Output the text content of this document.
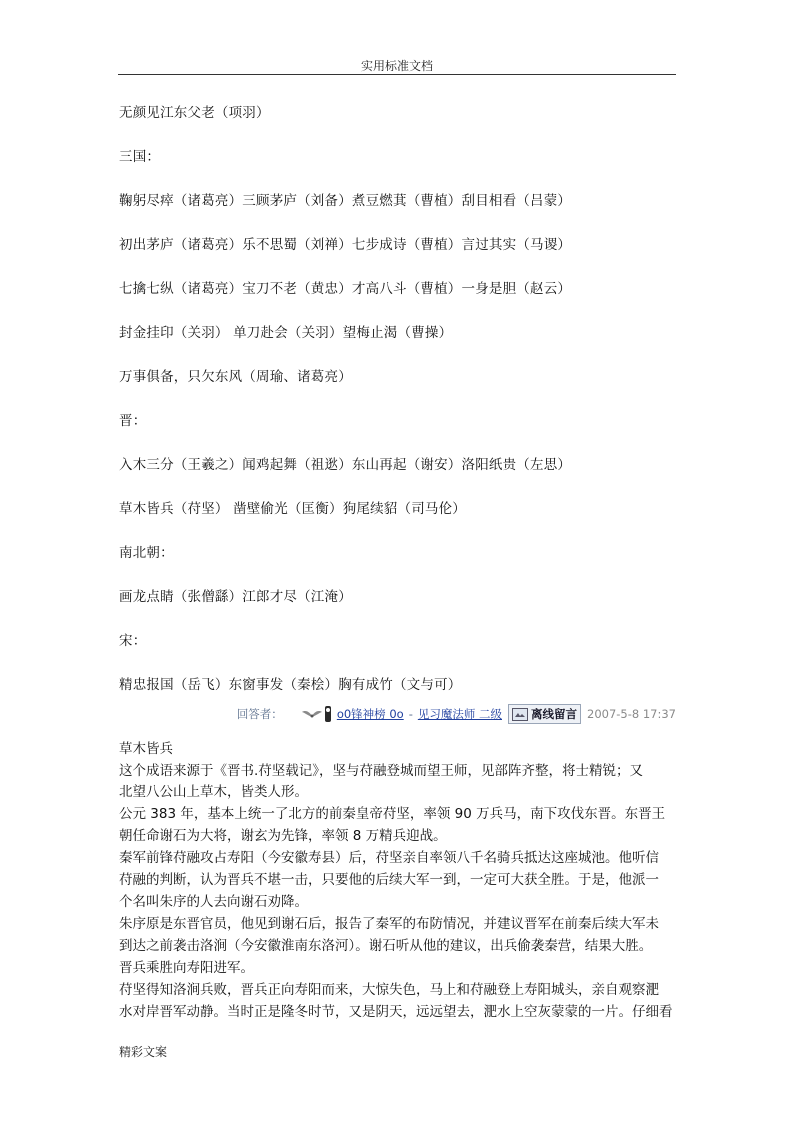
实用标准文档
无颜见江东父老（项羽）
三国：
鞠躬尽瘁（诸葛亮）三顾茅庐（刘备）煮豆燃萁（曹植）刮目相看（吕蒙）
初出茅庐（诸葛亮）乐不思蜀（刘禅）七步成诗（曹植）言过其实（马谡）
七擒七纵（诸葛亮）宝刀不老（黄忠）才高八斗（曹植）一身是胆（赵云）
封金挂印（关羽） 单刀赴会（关羽）望梅止渴（曹操）
万事俱备，只欠东风（周瑜、诸葛亮）
晋：
入木三分（王羲之）闻鸡起舞（祖逖）东山再起（谢安）洛阳纸贵（左思）
草木皆兵（苻坚） 凿壁偷光（匡衡）狗尾续貂（司马伦）
南北朝：
画龙点睛（张僧繇）江郎才尽（江淹）
宋：
精忠报国（岳飞）东窗事发（秦桧）胸有成竹（文与可）
回答者：	o0锋神榜 0o - 见习魔法师 二级	离线留言 2007-5-8 17:37
草木皆兵
这个成语来源于《晋书.苻坚载记》，坚与苻融登城而望王师，见部阵齐整，将士精锐；又
北望八公山上草木，皆类人形。
公元 383 年，基本上统一了北方的前秦皇帝苻坚，率领 90 万兵马，南下攻伐东晋。东晋王
朝任命谢石为大将，谢玄为先锋，率领 8 万精兵迎战。
秦军前锋苻融攻占寿阳（今安徽寿县）后，苻坚亲自率领八千名骑兵抵达这座城池。他听信
苻融的判断，认为晋兵不堪一击，只要他的后续大军一到，一定可大获全胜。于是，他派一
个名叫朱序的人去向谢石劝降。
朱序原是东晋官员，他见到谢石后，报告了秦军的布防情况，并建议晋军在前秦后续大军未
到达之前袭击洛涧（今安徽淮南东洛河）。谢石听从他的建议，出兵偷袭秦营，结果大胜。
晋兵乘胜向寿阳进军。
苻坚得知洛涧兵败，晋兵正向寿阳而来，大惊失色，马上和苻融登上寿阳城头，亲自观察淝
水对岸晋军动静。当时正是隆冬时节，又是阴天，远远望去，淝水上空灰蒙蒙的一片。仔细看
精彩文案
